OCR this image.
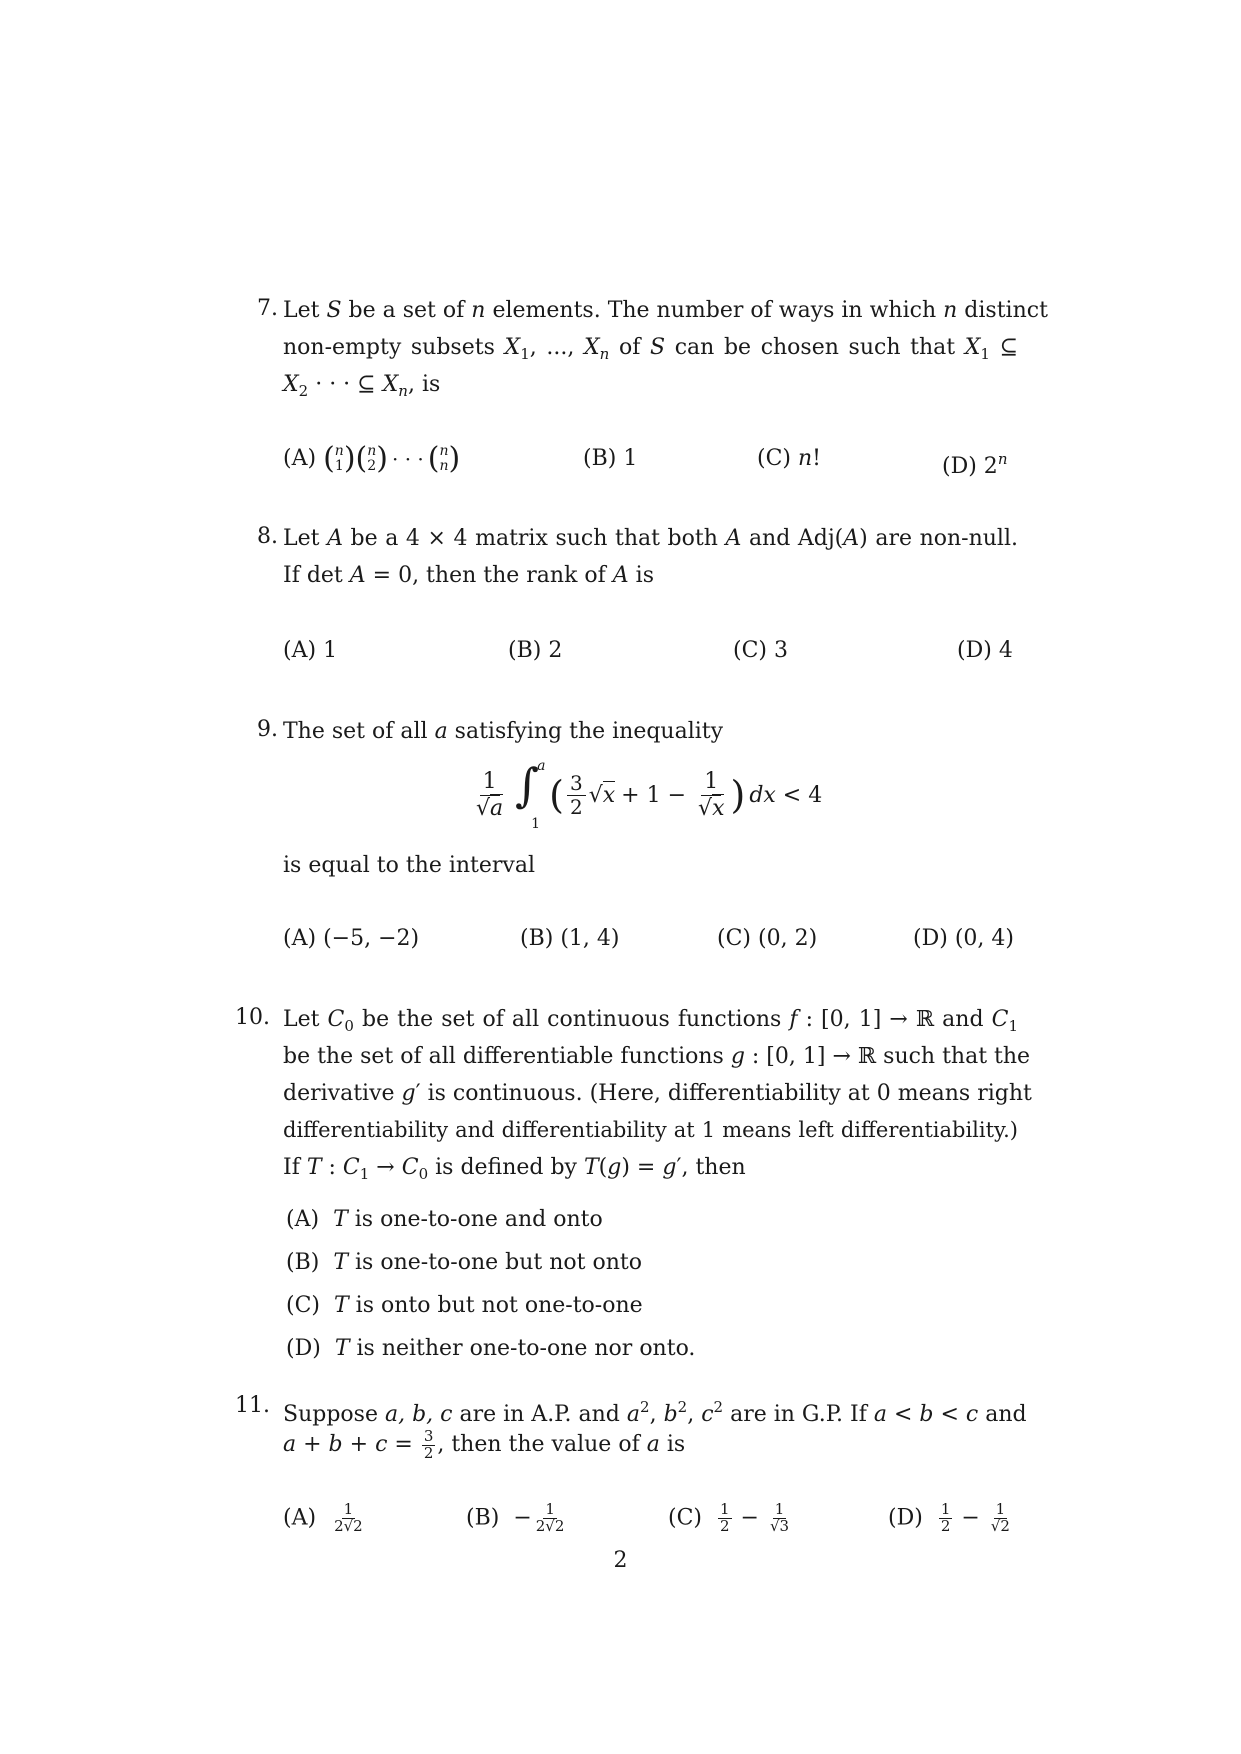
7. Let S be a set of n elements. The number of ways in which n distinct
non-empty subsets $X_1$, ..., $X_n$ of S can be chosen such that $X_1$ ⊆
$X_2$ · · · ⊆ $X_n$, is
(A) ( n
1 ) ( n
2 ) · · · ( n
n )	(B) 1	(C) n!	(D) 2$^n$
8. Let A be a 4 × 4 matrix such that both A and Adj(A) are non-null.
If det A = 0, then the rank of A is
(A) 1	(B) 2	(C) 3	(D) 4
9. The set of all a satisfying the inequality
1
√a ∫
a
1
( 3
2 $√x + 1 - \frac{1}{√x}$ ) dx < 4
is equal to the interval
(A) (−5, −2)	(B) (1, 4)	(C) (0, 2)	(D) (0, 4)
10. Let $C_0$ be the set of all continuous functions f : [0, 1] → ℝ and $C_1$
be the set of all differentiable functions g : [0, 1] → ℝ such that the
derivative g′ is continuous. (Here, differentiability at 0 means right
differentiability and differentiability at 1 means left differentiability.)
If T : $C_1 \to C_0$ is defined by T(g) = g′, then
(A) T is one-to-one and onto
(B) T is one-to-one but not onto
(C) T is onto but not one-to-one
(D) T is neither one-to-one nor onto.
11. Suppose a, b, c are in A.P. and $a^2$, $b^2$, $c^2$ are in G.P. If a < b < c and
$a + b + c = \frac{3}{2}$ , then the value of a is
$(A) \frac{1}{2√2}$	$(B) - \frac{1}{2√2}$	$(C) \frac{1}{2} - \frac{1}{√3}$	$(D) \frac{1}{2} - \frac{1}{√2}$
2
